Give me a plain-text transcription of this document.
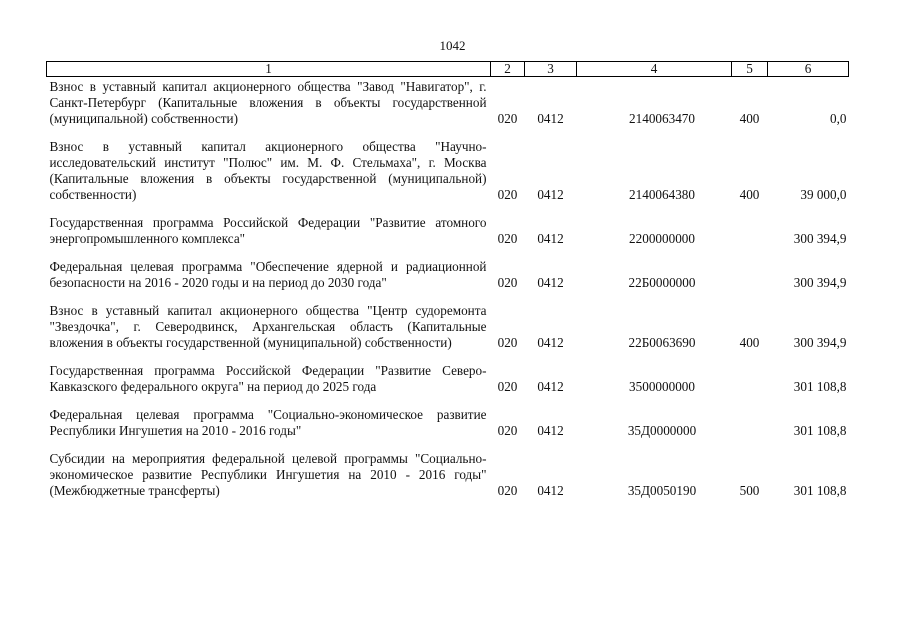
1042
1	2	3	4	5	6
Взнос в уставный капитал акционерного общества "Завод "Навигатор", г. Санкт-Петербург (Капитальные вложения в объекты государственной (муниципальной) собственности)	020	0412	2140063470	400	0,0
Взнос в уставный капитал акционерного общества "Научно-исследовательский институт "Полюс" им. М. Ф. Стельмаха", г. Москва (Капитальные вложения в объекты государственной (муниципальной) собственности)	020	0412	2140064380	400	39 000,0
Государственная программа Российской Федерации "Развитие атомного энергопромышленного комплекса"	020	0412	2200000000		300 394,9
Федеральная целевая программа "Обеспечение ядерной и радиационной безопасности на 2016 - 2020 годы и на период до 2030 года"	020	0412	22Б0000000		300 394,9
Взнос в уставный капитал акционерного общества "Центр судоремонта "Звездочка", г. Северодвинск, Архангельская область (Капитальные вложения в объекты государственной (муниципальной) собственности)	020	0412	22Б0063690	400	300 394,9
Государственная программа Российской Федерации "Развитие Северо-Кавказского федерального округа" на период до 2025 года	020	0412	3500000000		301 108,8
Федеральная целевая программа "Социально-экономическое развитие Республики Ингушетия на 2010 - 2016 годы"	020	0412	35Д0000000		301 108,8
Субсидии на мероприятия федеральной целевой программы "Социально-экономическое развитие Республики Ингушетия на 2010 - 2016 годы" (Межбюджетные трансферты)	020	0412	35Д0050190	500	301 108,8
